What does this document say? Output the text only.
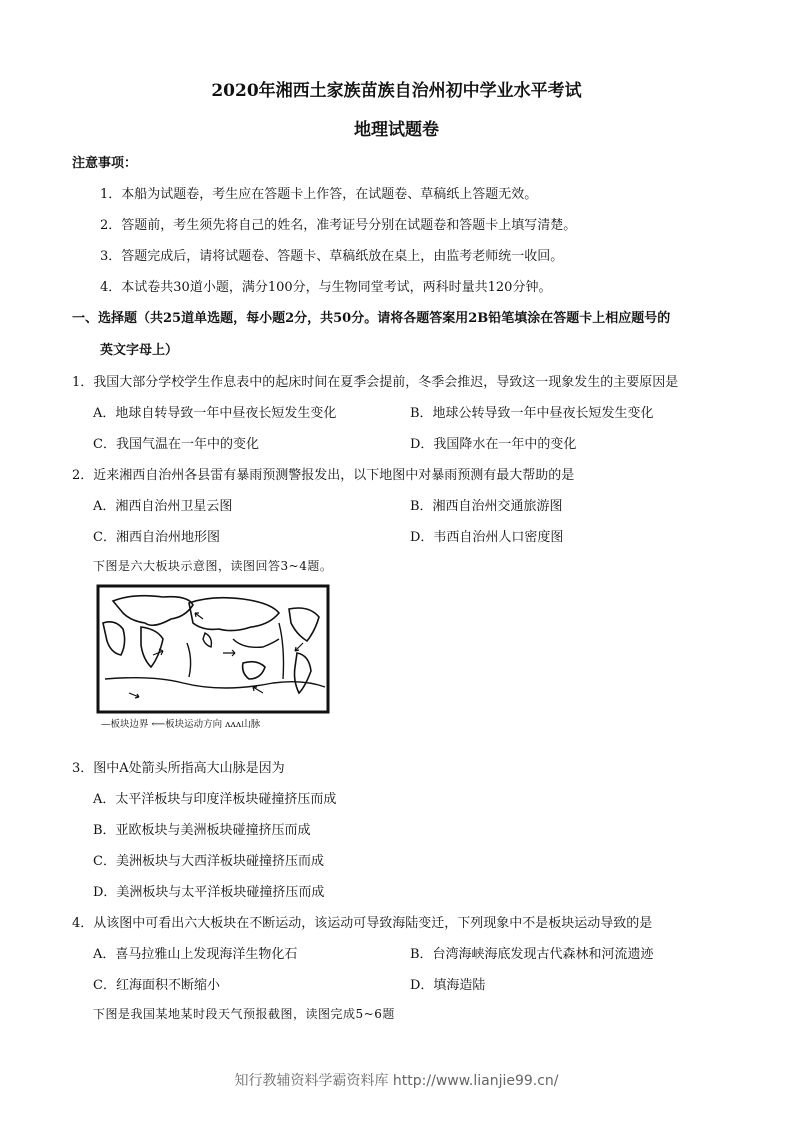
2020年湘西土家族苗族自治州初中学业水平考试
地理试题卷
注意事项：
1．本船为试题卷，考生应在答题卡上作答，在试题卷、草稿纸上答题无效。
2．答题前，考生须先将自己的姓名，准考证号分别在试题卷和答题卡上填写清楚。
3．答题完成后，请将试题卷、答题卡、草稿纸放在桌上，由监考老师统一收回。
4．本试卷共30道小题，满分100分，与生物同堂考试，两科时量共120分钟。
一、选择题（共25道单选题，每小题2分，共50分。请将各题答案用2B铅笔填涂在答题卡上相应题号的
英文字母上）
1．我国大部分学校学生作息表中的起床时间在夏季会提前，冬季会推迟，导致这一现象发生的主要原因是
A．地球自转导致一年中昼夜长短发生变化	B．地球公转导致一年中昼夜长短发生变化
C．我国气温在一年中的变化	D．我国降水在一年中的变化
2．近来湘西自治州各县雷有暴雨预测警报发出，以下地图中对暴雨预测有最大帮助的是
A．湘西自治州卫星云图	B．湘西自治州交通旅游图
C．湘西自治州地形图	D．韦西自治州人口密度图
下图是六大板块示意图，读图回答3~4题。
—板块边界 ⟵板块运动方向 ᴧᴧᴧ山脉
3．图中A处箭头所指高大山脉是因为
A．太平洋板块与印度洋板块碰撞挤压而成
B．亚欧板块与美洲板块碰撞挤压而成
C．美洲板块与大西洋板块碰撞挤压而成
D．美洲板块与太平洋板块碰撞挤压而成
4．从该图中可看出六大板块在不断运动，该运动可导致海陆变迁，下列现象中不是板块运动导致的是
A．喜马拉雅山上发现海洋生物化石	B．台湾海峡海底发现古代森林和河流遗迹
C．红海面积不断缩小	D．填海造陆
下图是我国某地某时段天气预报截图，读图完成5~6题
知行教辅资料学霸资料库 http://www.lianjie99.cn/
